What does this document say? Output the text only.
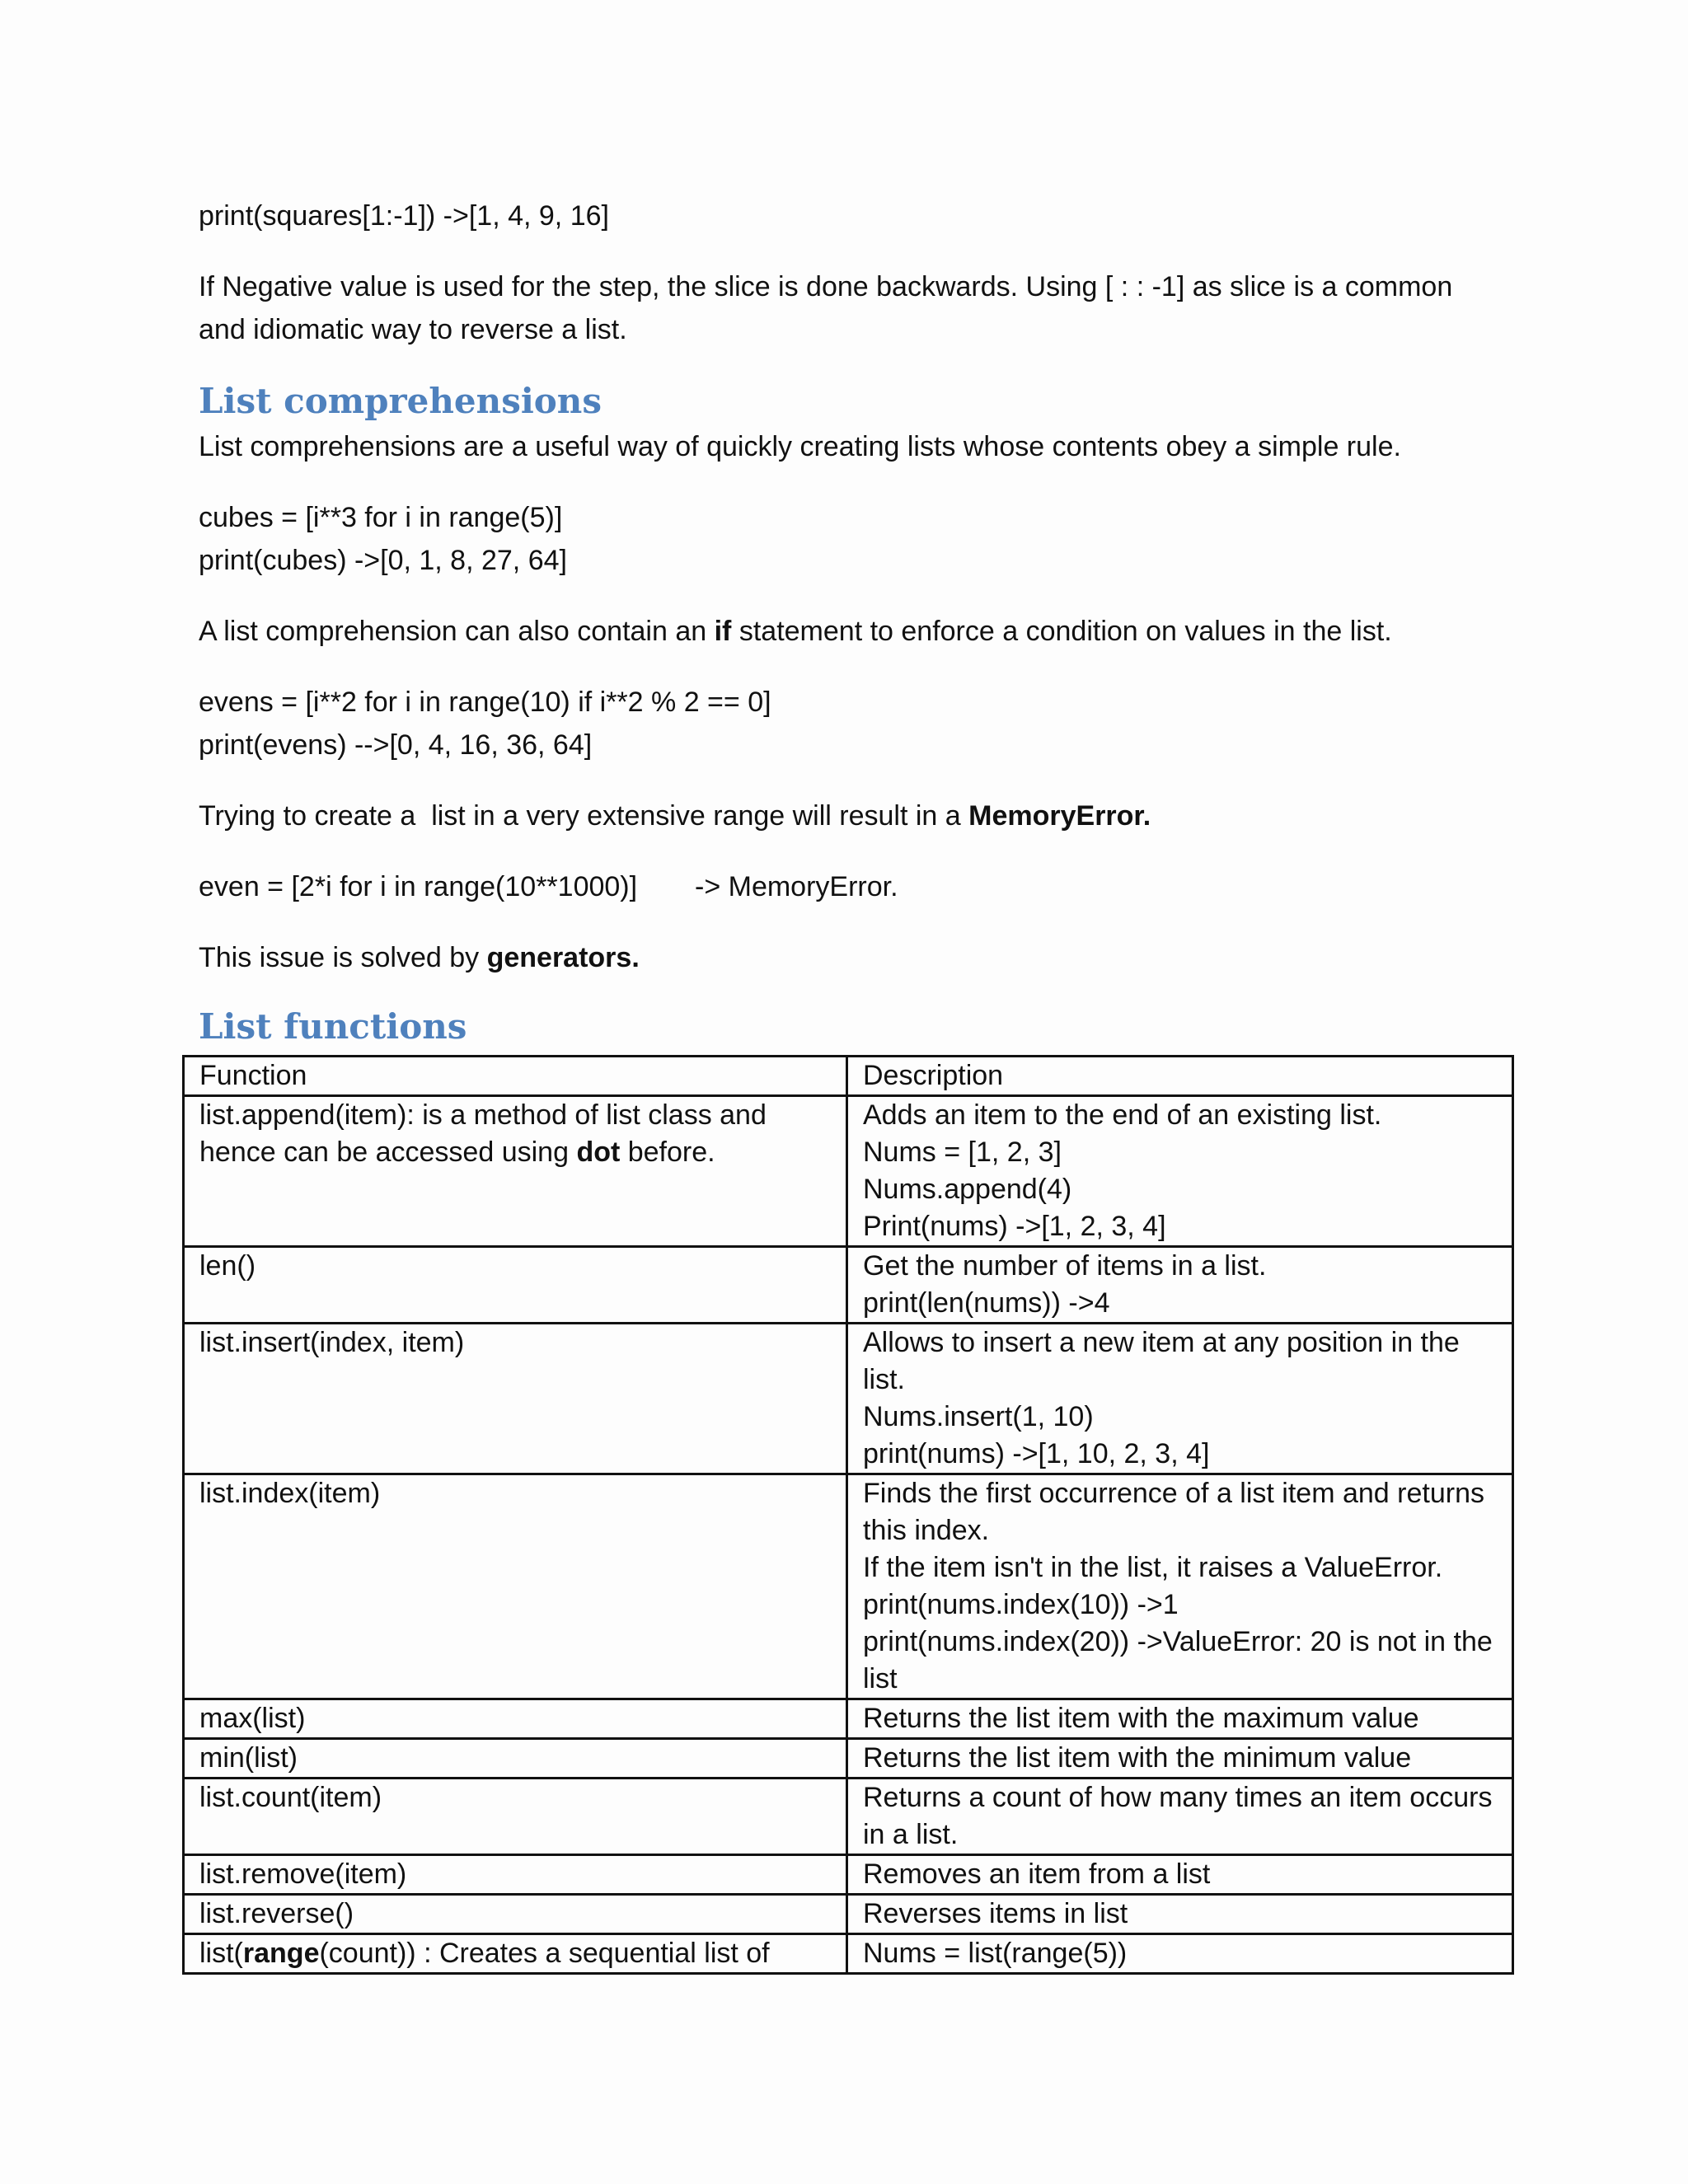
print(squares[1:-1]) ->[1, 4, 9, 16]
If Negative value is used for the step, the slice is done backwards. Using [ : : -1] as slice is a common and idiomatic way to reverse a list.
List comprehensions
List comprehensions are a useful way of quickly creating lists whose contents obey a simple rule.
cubes = [i**3 for i in range(5)]
print(cubes) ->[0, 1, 8, 27, 64]
A list comprehension can also contain an if statement to enforce a condition on values in the list.
evens = [i**2 for i in range(10) if i**2 % 2 == 0]
print(evens) -->[0, 4, 16, 36, 64]
Trying to create a  list in a very extensive range will result in a MemoryError.
even = [2*i for i in range(10**1000)] -> MemoryError.
This issue is solved by generators.
List functions
Function	Description
list.append(item): is a method of list class and hence can be accessed using dot before.	Adds an item to the end of an existing list.
Nums = [1, 2, 3]
Nums.append(4)
Print(nums) ->[1, 2, 3, 4]

len()	Get the number of items in a list.
print(len(nums)) ->4

list.insert(index, item)	Allows to insert a new item at any position in the list.
Nums.insert(1, 10)
print(nums) ->[1, 10, 2, 3, 4]

list.index(item)	Finds the first occurrence of a list item and returns this index.
If the item isn't in the list, it raises a ValueError.
print(nums.index(10)) ->1
print(nums.index(20)) ->ValueError: 20 is not in the list

max(list)	Returns the list item with the maximum value

min(list)	Returns the list item with the minimum value

list.count(item)	Returns a count of how many times an item occurs in a list.

list.remove(item)	Removes an item from a list

list.reverse()	Reverses items in list

list(range(count)) : Creates a sequential list of	Nums = list(range(5))
